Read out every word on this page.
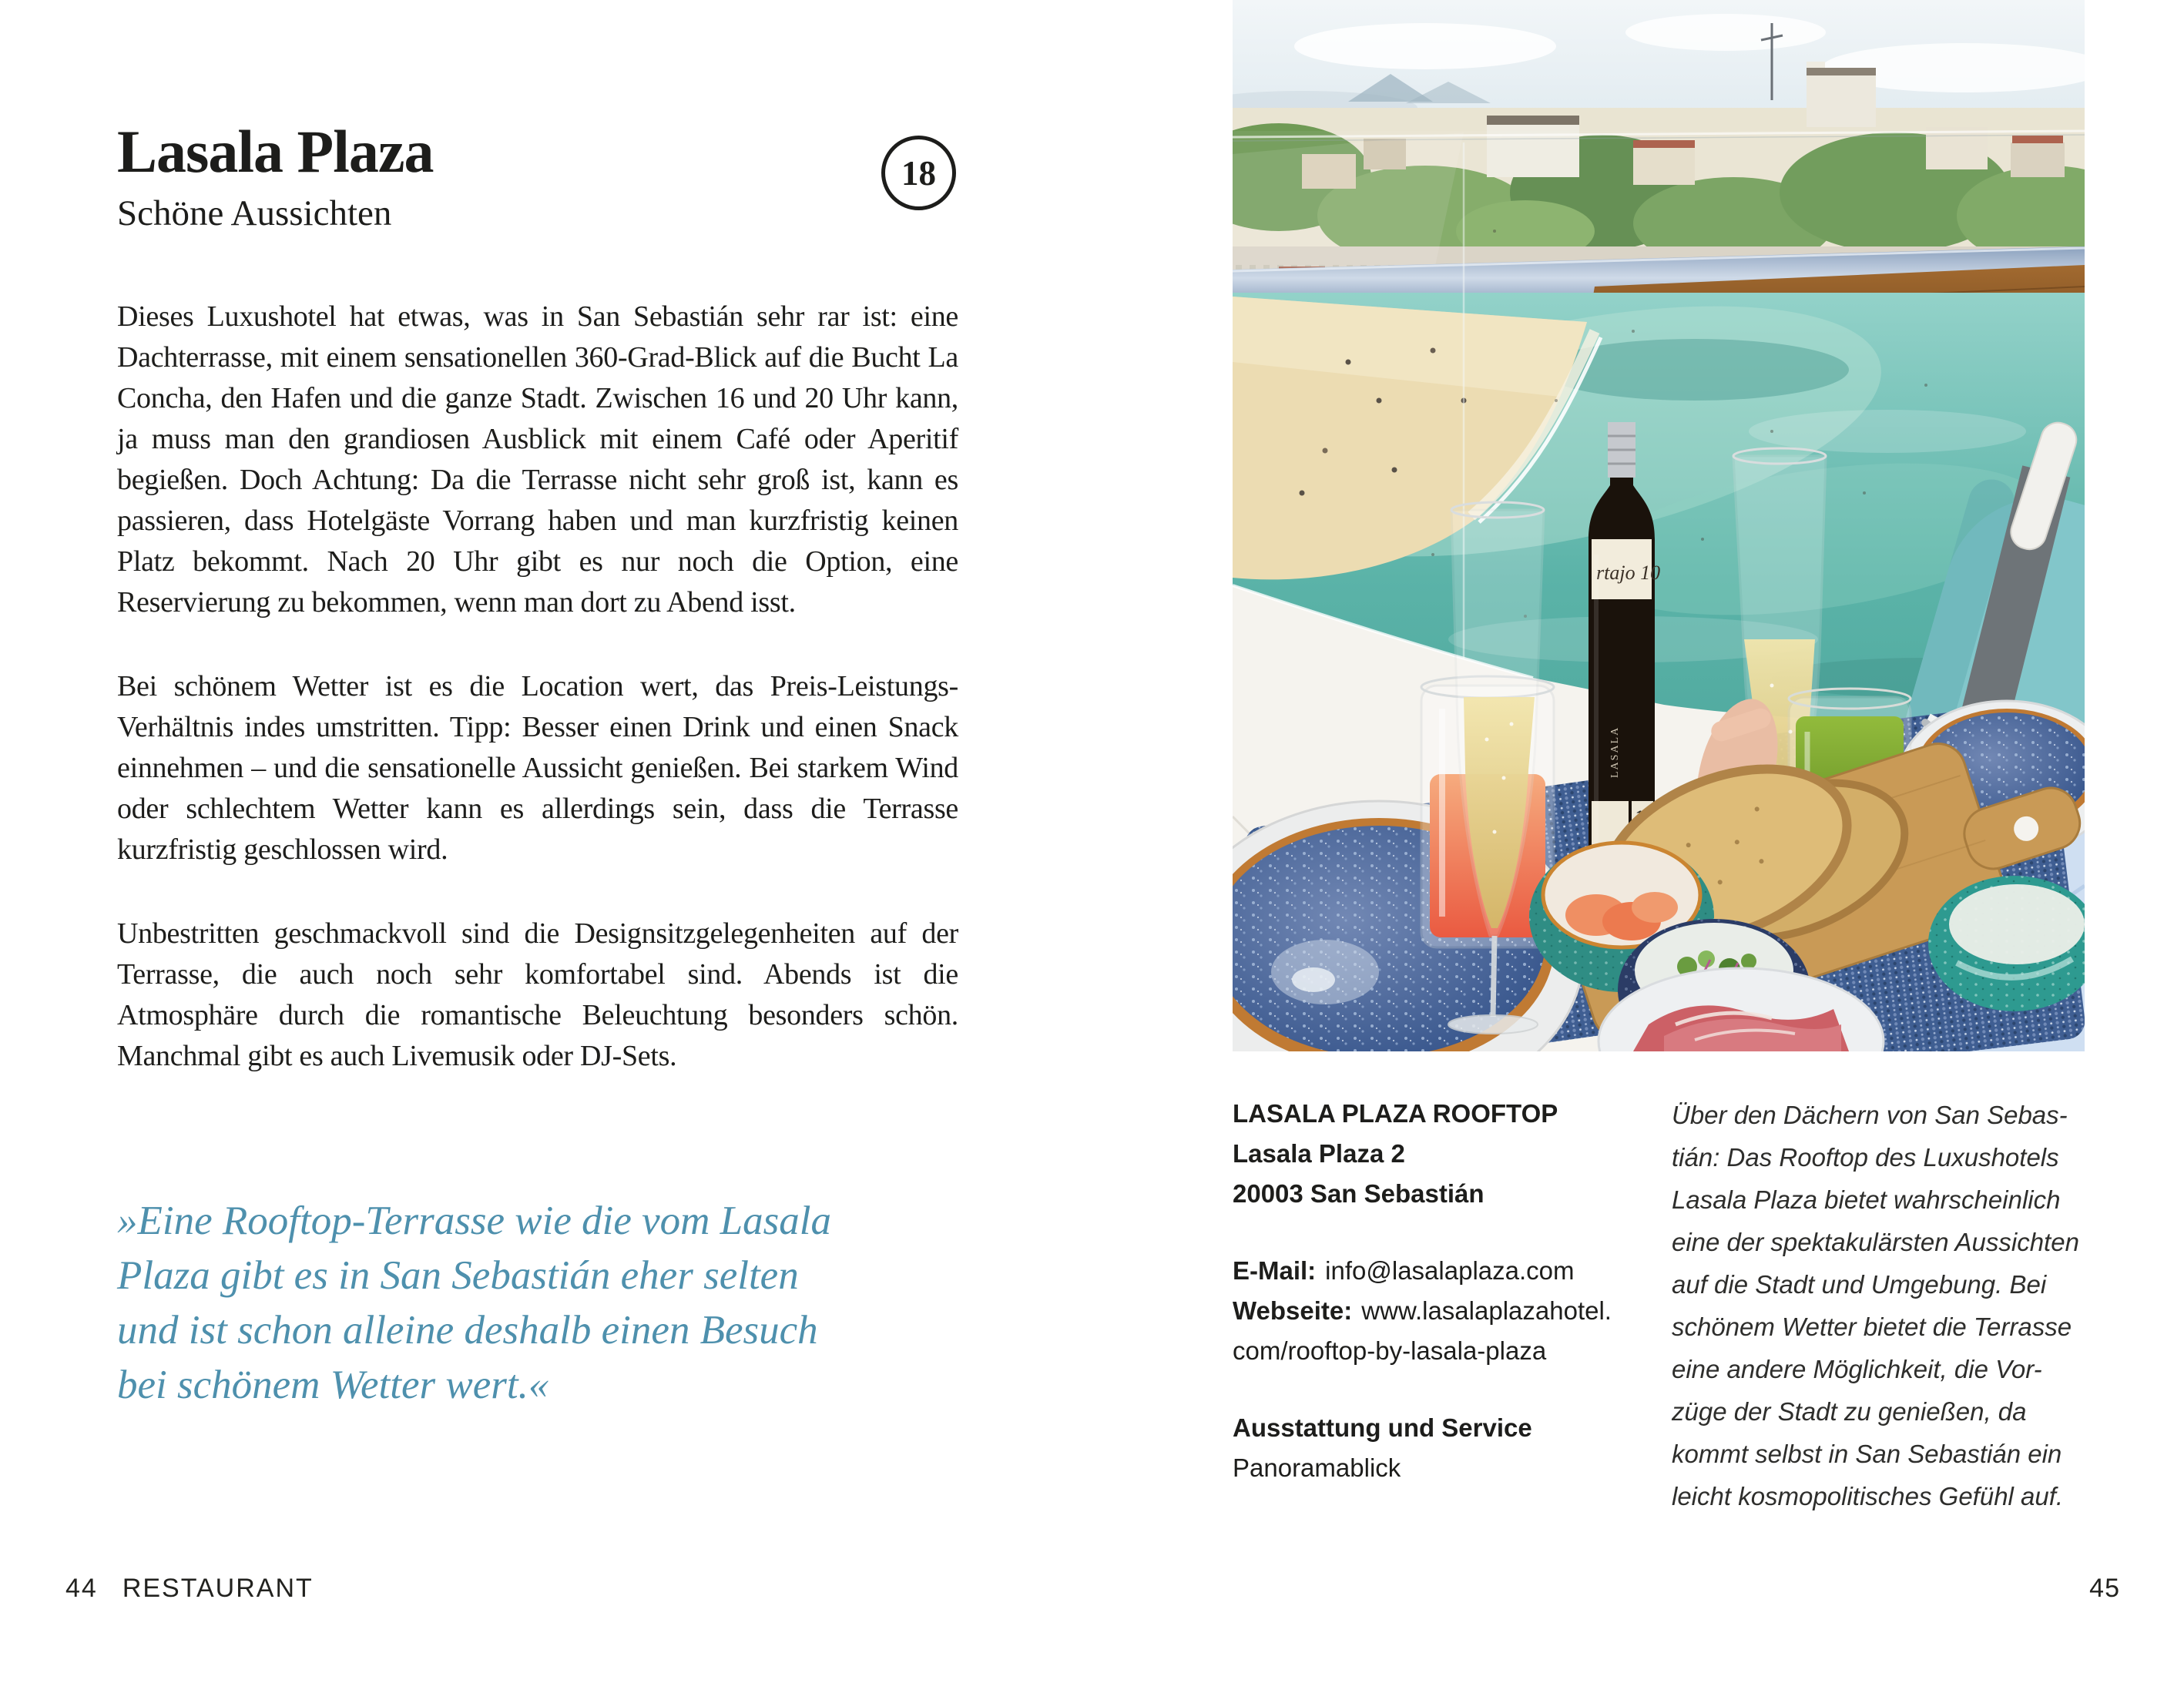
Lasala Plaza
Schöne Aussichten
18

Dieses Luxushotel hat etwas, was in San Sebastián sehr rar ist: eine Dachterrasse, mit einem sensationellen 360-Grad-Blick auf die Bucht La Concha, den Hafen und die ganze Stadt. Zwischen 16 und 20 Uhr kann, ja muss man den grandiosen Ausblick mit einem Café oder Aperitif begießen. Doch Achtung: Da die Terrasse nicht sehr groß ist, kann es passieren, dass Hotelgäste Vorrang haben und man kurzfristig keinen Platz bekommt. Nach 20 Uhr gibt es nur noch die Option, eine Reservierung zu bekommen, wenn man dort zu Abend isst.

Bei schönem Wetter ist es die Location wert, das Preis-Leistungs-Verhältnis indes umstritten. Tipp: Besser einen Drink und einen Snack einnehmen – und die sensationelle Aussicht genießen. Bei starkem Wind oder schlechtem Wetter kann es allerdings sein, dass die Terrasse kurzfristig geschlossen wird.

Unbestritten geschmackvoll sind die Designsitzgelegenheiten auf der Terrasse, die auch noch sehr komfortabel sind. Abends ist die Atmosphäre durch die romantische Beleuchtung besonders schön. Manchmal gibt es auch Livemusik oder DJ-Sets.

»Eine Rooftop-Terrasse wie die vom Lasala
Plaza gibt es in San Sebastián eher selten
und ist schon alleine deshalb einen Besuch
bei schönem Wetter wert.«
44 RESTAURANT
rtajo 10
LASALA
LASALA PLAZA ROOFTOP
Lasala Plaza 2
20003 San Sebastián
E-Mail: info@lasalaplaza.com
Webseite: www.lasalaplazahotel.
com/rooftop-by-lasala-plaza
Ausstattung und Service
Panoramablick
Über den Dächern von San Sebas-
tián: Das Rooftop des Luxushotels
Lasala Plaza bietet wahrscheinlich
eine der spektakulärsten Aussichten
auf die Stadt und Umgebung. Bei
schönem Wetter bietet die Terrasse
eine andere Möglichkeit, die Vor-
züge der Stadt zu genießen, da
kommt selbst in San Sebastián ein
leicht kosmopolitisches Gefühl auf.
45
